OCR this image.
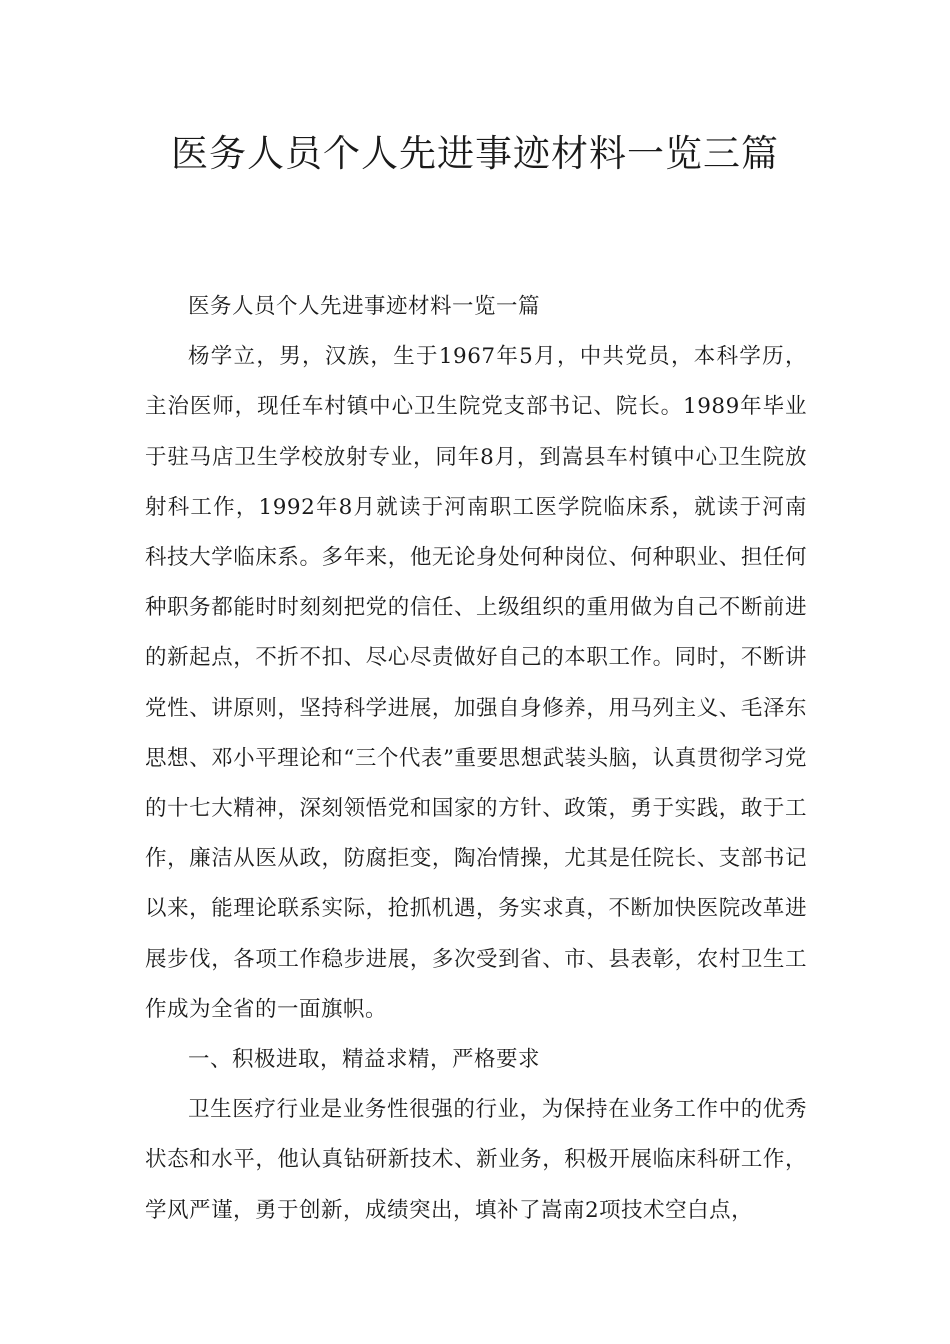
医务人员个人先进事迹材料一览三篇

医务人员个人先进事迹材料一览一篇

杨学立，男，汉族，生于1967年5月，中共党员，本科学历，主治医师，现任车村镇中心卫生院党支部书记、院长。1989年毕业于驻马店卫生学校放射专业，同年8月，到嵩县车村镇中心卫生院放射科工作，1992年8月就读于河南职工医学院临床系，就读于河南科技大学临床系。多年来，他无论身处何种岗位、何种职业、担任何种职务都能时时刻刻把党的信任、上级组织的重用做为自己不断前进的新起点，不折不扣、尽心尽责做好自己的本职工作。同时，不断讲党性、讲原则，坚持科学进展，加强自身修养，用马列主义、毛泽东思想、邓小平理论和“三个代表”重要思想武装头脑，认真贯彻学习党的十七大精神，深刻领悟党和国家的方针、政策，勇于实践，敢于工作，廉洁从医从政，防腐拒变，陶冶情操，尤其是任院长、支部书记以来，能理论联系实际，抢抓机遇，务实求真，不断加快医院改革进展步伐，各项工作稳步进展，多次受到省、市、县表彰，农村卫生工作成为全省的一面旗帜。

一、积极进取，精益求精，严格要求

卫生医疗行业是业务性很强的行业，为保持在业务工作中的优秀状态和水平，他认真钻研新技术、新业务，积极开展临床科研工作，学风严谨，勇于创新，成绩突出，填补了嵩南2项技术空白点，
